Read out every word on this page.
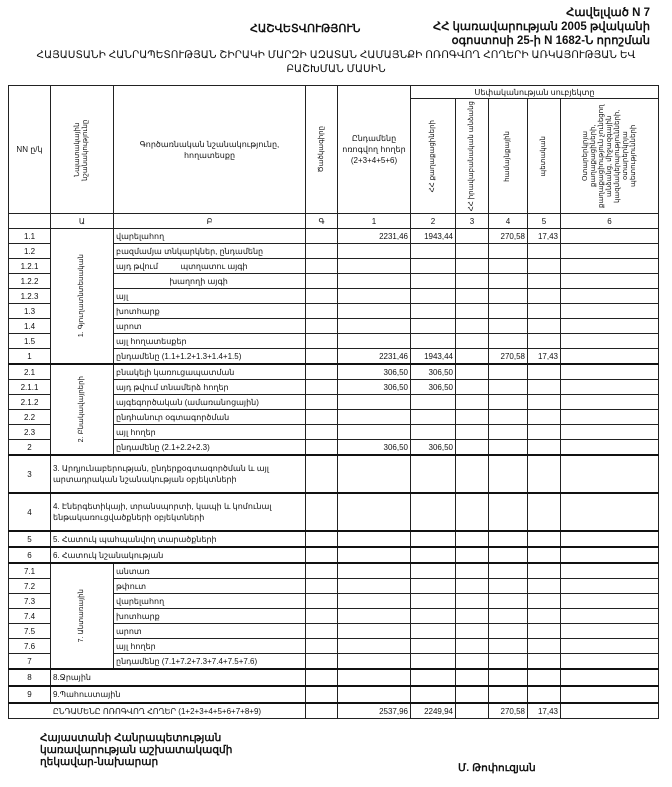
Հավելված N 7
ՀՀ կառավարության 2005 թվականի
օգոստոսի 25-ի N 1682-Ն որոշման
ՀԱՇՎԵՏՎՈՒԹՅՈՒՆ
ՀԱՅԱՍՏԱՆԻ ՀԱՆՐԱՊԵՏՈՒԹՅԱՆ ՇԻՐԱԿԻ ՄԱՐԶԻ ԱԶԱՏԱՆ ՀԱՄԱՅՆՔԻ ՈՌՈԳՎՈՂ ՀՈՂԵՐԻ ԱՌԿԱՅՈՒԹՅԱՆ ԵՎ ԲԱՇԽՄԱՆ ՄԱՍԻՆ
NN ը/կ	Նպատակային նշանակությունը	Գործառնական նշանակությունը, հողատեսքը	Ծածկագիրը	Ընդամենը ոռոգվող հողեր (2+3+4+5+6)	Սեփականության սուբյեկտը				

					ՀՀ քաղաքացիների	ՀՀ իրավաբանական անձանց	համայնքային	պետական	Օտարերկրյա քաղաքացիների, քաղաքացիություն չունեցող անձանց, միջազգային կազմակերպությունների, օտարերկրյա պետությունների

	Ա	Բ	Գ	1	2	3	4	5	6
1.1	1. Գյուղատնտեսական	վարելահող		2231,46	1943,44		270,58	17,43	
1.2		բազմամյա տնկարկներ, ընդամենը							
1.2.1		այդ թվում          պտղատու այգի							
1.2.2		խաղողի այգի							
1.2.3		այլ							
1.3		խոտհարք							
1.4		արոտ							
1.5		այլ հողատեսքեր							
1		ընդամենը (1.1+1.2+1.3+1.4+1.5)		2231,46	1943,44		270,58	17,43	
2.1	2. Բնակավայրերի	բնակելի կառուցապատման		306,50	306,50				
2.1.1		այդ թվում տնամերձ հողեր		306,50	306,50				
2.1.2		այգեգործական (ամառանոցային)							
2.2		ընդհանուր օգտագործման							
2.3		այլ հողեր							
2		ընդամենը (2.1+2.2+2.3)		306,50	306,50				
3	3. Արդյունաբերության, ընդերքօգտագործման և այլ արտադրական նշանակության օբյեկտների								
4	4. Էներգետիկայի, տրանսպորտի, կապի և կոմունալ ենթակառուցվածքների օբյեկտների								
5	5. Հատուկ պահպանվող տարածքների								
6	6. Հատուկ նշանակության								
7.1	7. Անտառային	անտառ							
7.2		թփուտ							
7.3		վարելահող							
7.4		խոտհարք							
7.5		արոտ							
7.6		այլ հողեր							
7		ընդամենը (7.1+7.2+7.3+7.4+7.5+7.6)							
8	8.Ջրային								
9	9.Պահուստային								
ԸՆԴԱՄԵՆԸ ՈՌՈԳՎՈՂ ՀՈՂԵՐ (1+2+3+4+5+6+7+8+9)				2537,96	2249,94		270,58	17,43	
Հայաստանի Հանրապետության
կառավարության աշխատակազմի
ղեկավար-նախարար	Մ. Թոփուզյան
